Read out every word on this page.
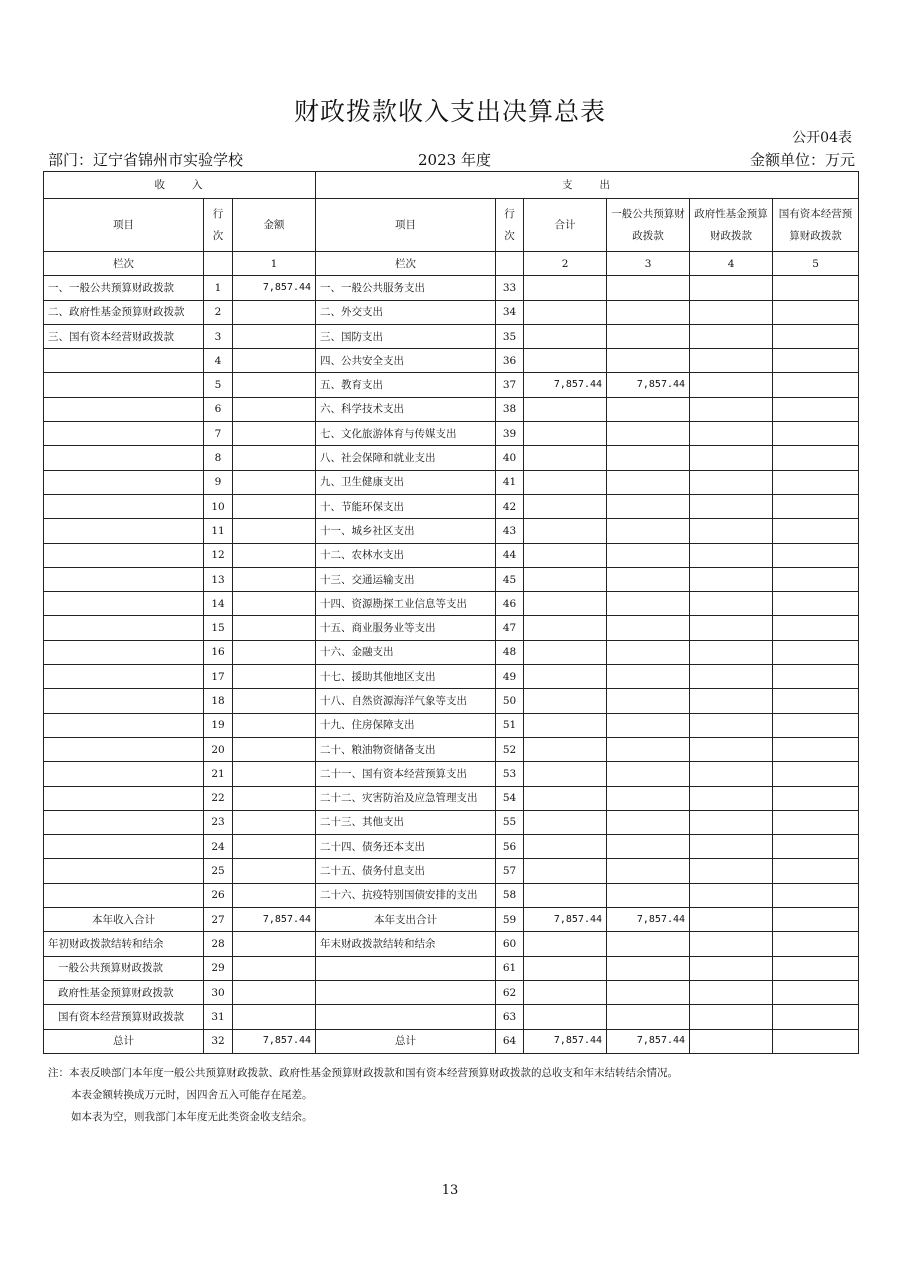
财政拨款收入支出决算总表
公开04表
部门：辽宁省锦州市实验学校	2023 年度	金额单位：万元
收　　入			支　　出					
项目	行次	金额	项目	行次	合计	一般公共预算财政拨款	政府性基金预算财政拨款	国有资本经营预算财政拨款
栏次		1	栏次		2	3	4	5
一、一般公共预算财政拨款	1	7,857.44	一、一般公共服务支出	33				
二、政府性基金预算财政拨款	2		二、外交支出	34				
三、国有资本经营财政拨款	3		三、国防支出	35				
	4		四、公共安全支出	36				
	5		五、教育支出	37	7,857.44	7,857.44		
	6		六、科学技术支出	38				
	7		七、文化旅游体育与传媒支出	39				
	8		八、社会保障和就业支出	40				
	9		九、卫生健康支出	41				
	10		十、节能环保支出	42				
	11		十一、城乡社区支出	43				
	12		十二、农林水支出	44				
	13		十三、交通运输支出	45				
	14		十四、资源勘探工业信息等支出	46				
	15		十五、商业服务业等支出	47				
	16		十六、金融支出	48				
	17		十七、援助其他地区支出	49				
	18		十八、自然资源海洋气象等支出	50				
	19		十九、住房保障支出	51				
	20		二十、粮油物资储备支出	52				
	21		二十一、国有资本经营预算支出	53				
	22		二十二、灾害防治及应急管理支出	54				
	23		二十三、其他支出	55				
	24		二十四、债务还本支出	56				
	25		二十五、债务付息支出	57				
	26		二十六、抗疫特别国债安排的支出	58				
本年收入合计	27	7,857.44	本年支出合计	59	7,857.44	7,857.44		
年初财政拨款结转和结余	28		年末财政拨款结转和结余	60				
一般公共预算财政拨款	29			61				
政府性基金预算财政拨款	30			62				
国有资本经营预算财政拨款	31			63				
总计	32	7,857.44	总计	64	7,857.44	7,857.44		
注：本表反映部门本年度一般公共预算财政拨款、政府性基金预算财政拨款和国有资本经营预算财政拨款的总收支和年末结转结余情况。
本表金额转换成万元时，因四舍五入可能存在尾差。
如本表为空，则我部门本年度无此类资金收支结余。
13
